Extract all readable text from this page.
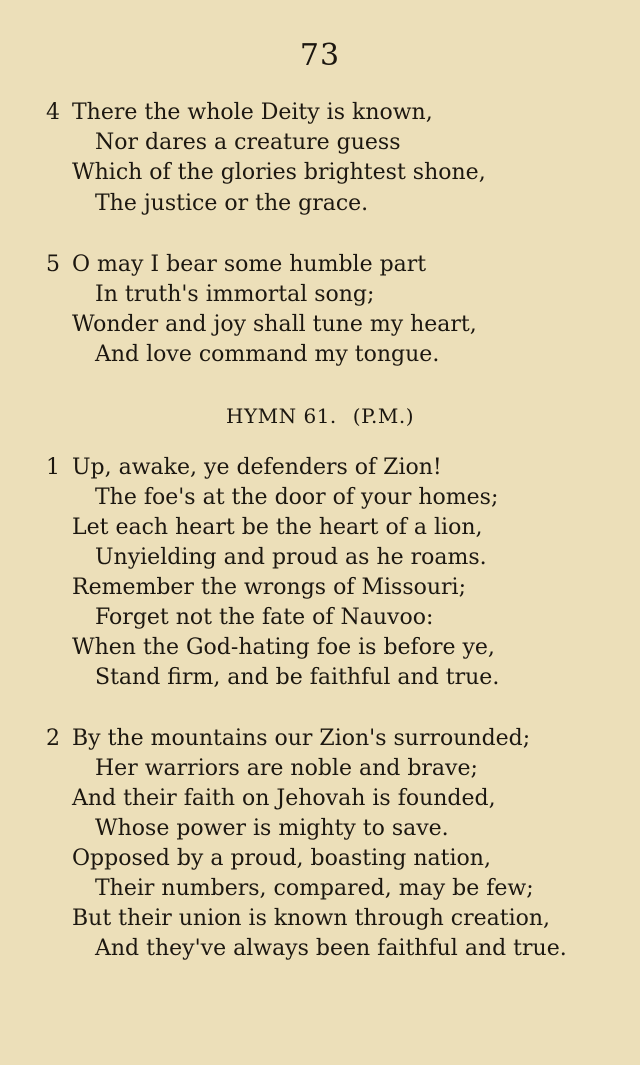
73
4 There the whole Deity is known,
Nor dares a creature guess
Which of the glories brightest shone,
The justice or the grace.
5 O may I bear some humble part
In truth's immortal song;
Wonder and joy shall tune my heart,
And love command my tongue.
HYMN 61. (P.M.)
1 Up, awake, ye defenders of Zion!
The foe's at the door of your homes;
Let each heart be the heart of a lion,
Unyielding and proud as he roams.
Remember the wrongs of Missouri;
Forget not the fate of Nauvoo:
When the God-hating foe is before ye,
Stand firm, and be faithful and true.
2 By the mountains our Zion's surrounded;
Her warriors are noble and brave;
And their faith on Jehovah is founded,
Whose power is mighty to save.
Opposed by a proud, boasting nation,
Their numbers, compared, may be few;
But their union is known through creation,
And they've always been faithful and true.
